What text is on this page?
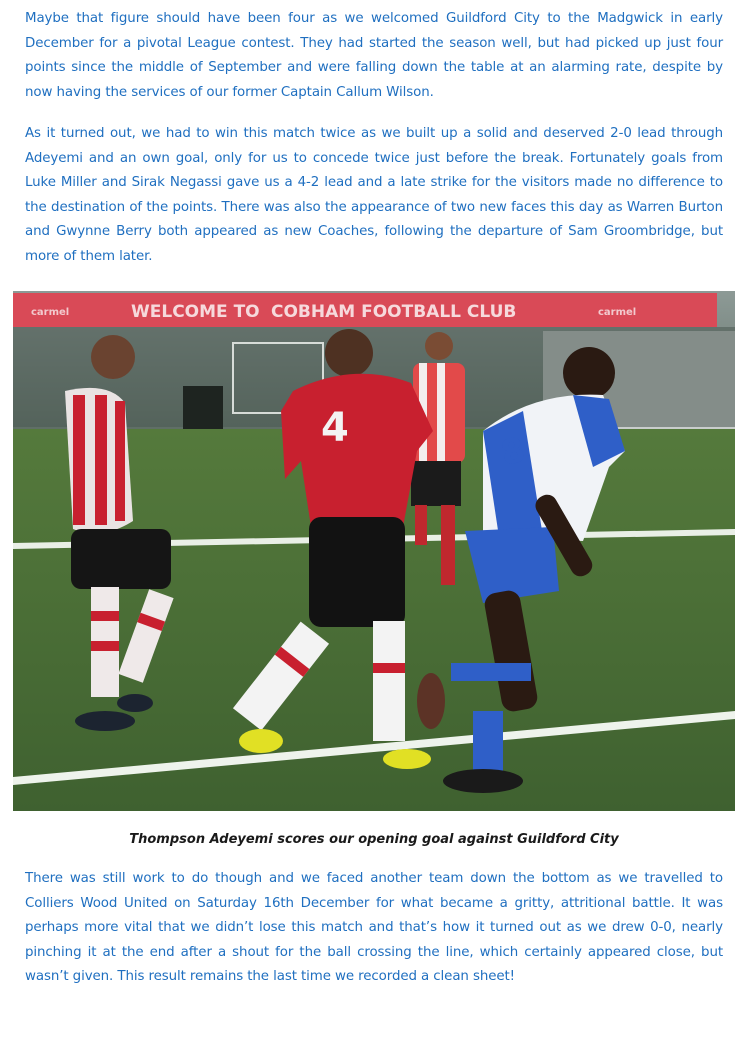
Maybe that figure should have been four as we welcomed Guildford City to the Madgwick in early December for a pivotal League contest. They had started the season well, but had picked up just four points since the middle of September and were falling down the table at an alarming rate, despite by now having the services of our former Captain Callum Wilson.

As it turned out, we had to win this match twice as we built up a solid and deserved 2-0 lead through Adeyemi and an own goal, only for us to concede twice just before the break. Fortunately goals from Luke Miller and Sirak Negassi gave us a 4-2 lead and a late strike for the visitors made no difference to the destination of the points. There was also the appearance of two new faces this day as Warren Burton and Gwynne Berry both appeared as new Coaches, following the departure of Sam Groombridge, but more of them later.

carmel	WELCOME TO COBHAM FOOTBALL CLUB	carmel
4
8
Thompson Adeyemi scores our opening goal against Guildford City

There was still work to do though and we faced another team down the bottom as we travelled to Colliers Wood United on Saturday 16th December for what became a gritty, attritional battle. It was perhaps more vital that we didn’t lose this match and that’s how it turned out as we drew 0-0, nearly pinching it at the end after a shout for the ball crossing the line, which certainly appeared close, but wasn’t given. This result remains the last time we recorded a clean sheet!
